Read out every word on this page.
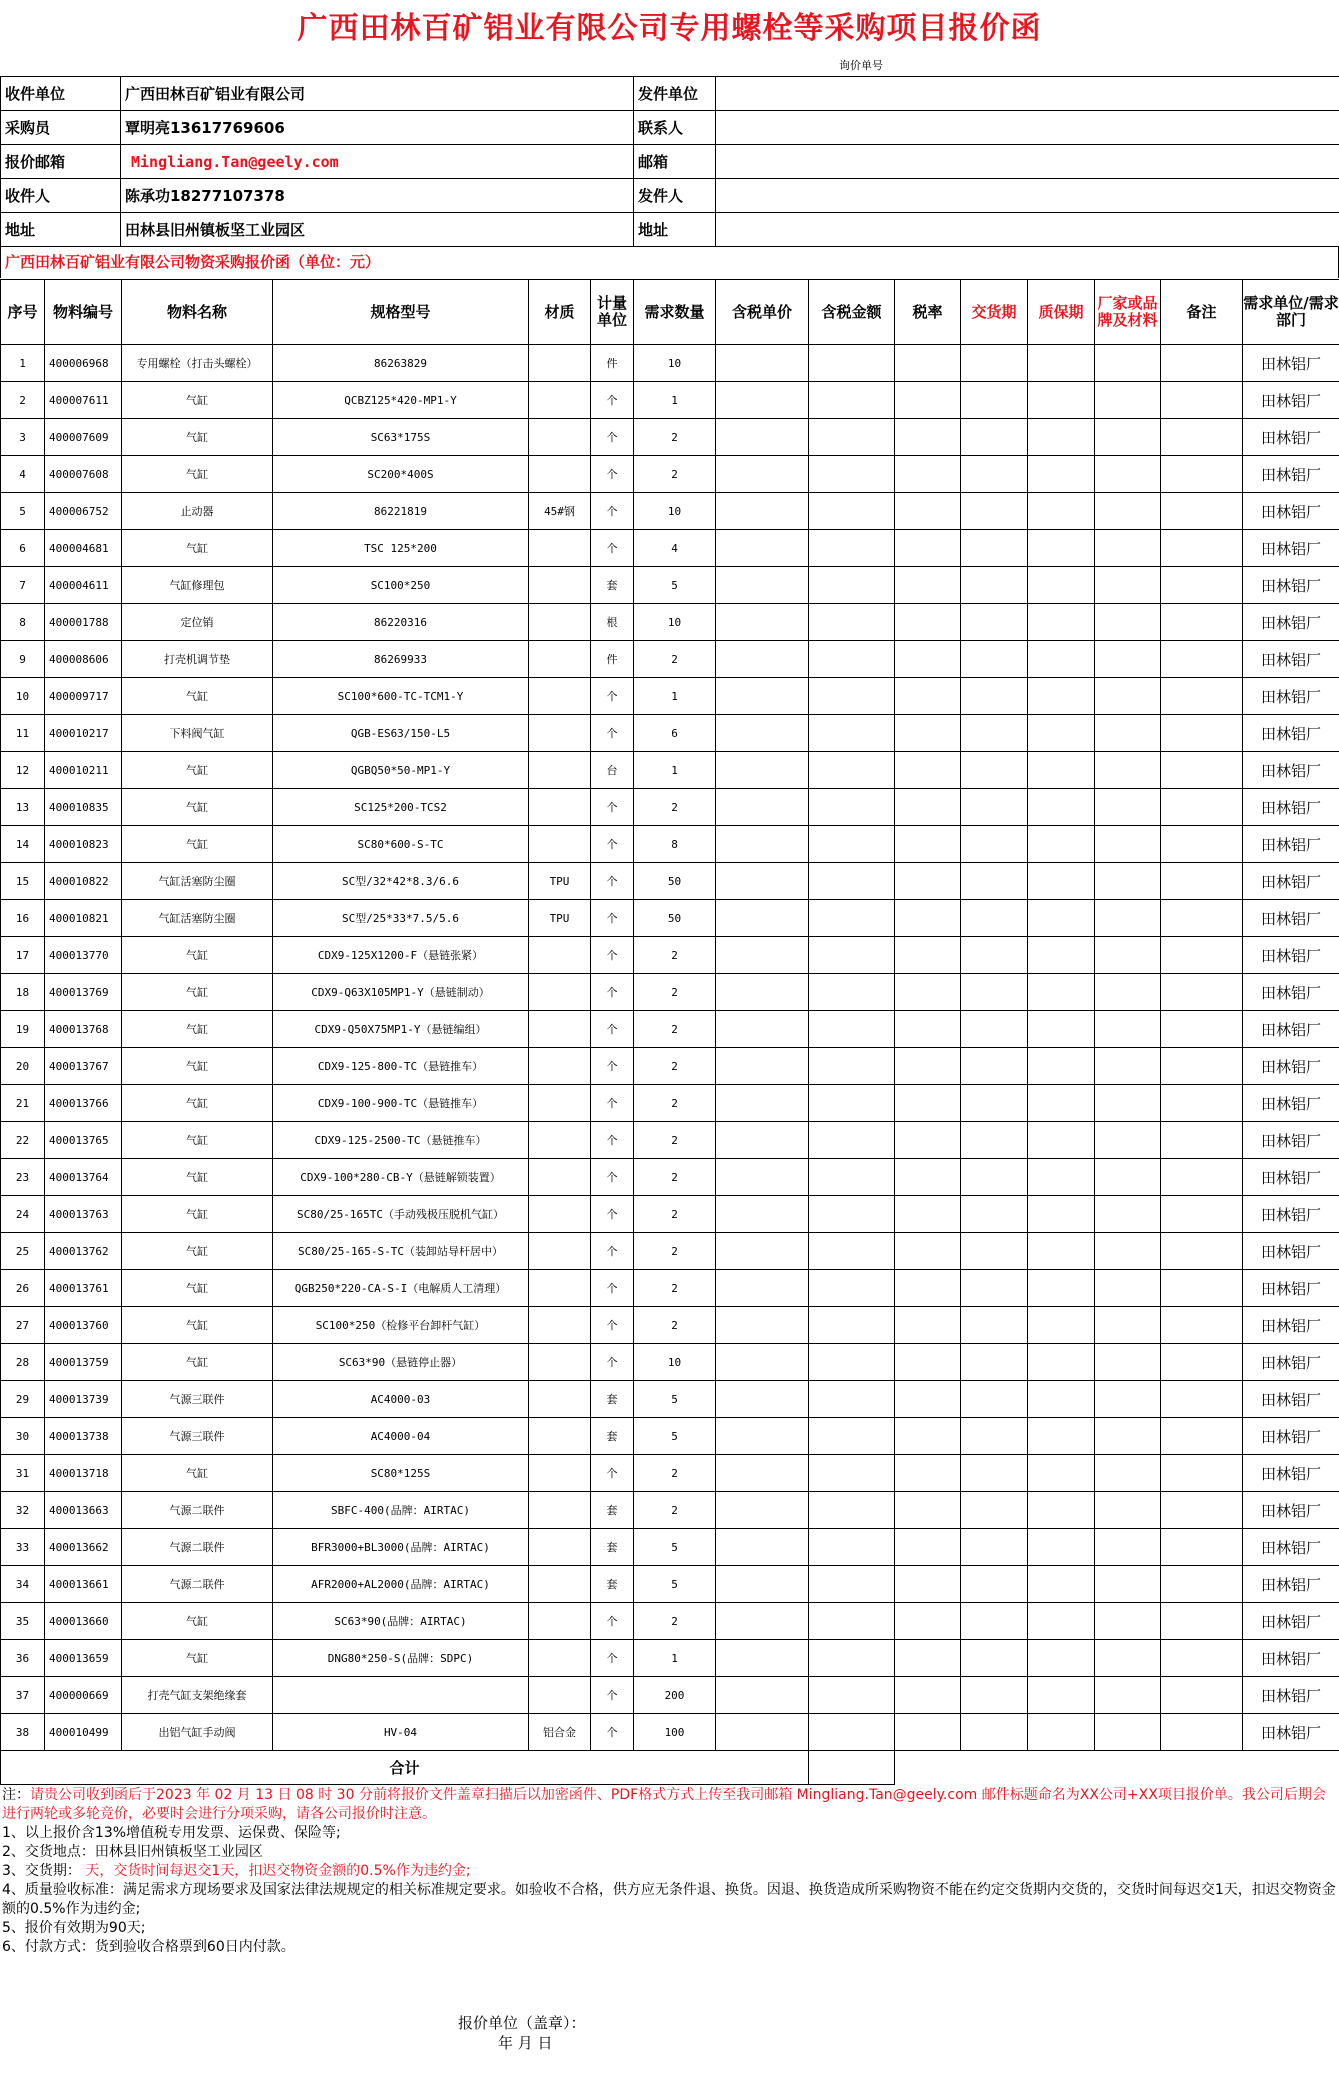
广西田林百矿铝业有限公司专用螺栓等采购项目报价函
询价单号
收件单位	广西田林百矿铝业有限公司	发件单位	
采购员	覃明亮13617769606	联系人	
报价邮箱	Mingliang.Tan@geely.com	邮箱	
收件人	陈承功18277107378	发件人	
地址	田林县旧州镇板坚工业园区	地址	
广西田林百矿铝业有限公司物资采购报价函（单位：元）
序号	物料编号	物料名称	规格型号	材质	计量单位	需求数量	含税单价	含税金额	税率	交货期	质保期	厂家或品牌及材料	备注	需求单位/需求部门
1	400006968	专用螺栓（打击头螺栓）	86263829		件	10								田林铝厂
2	400007611	气缸	QCBZ125*420-MP1-Y		个	1								田林铝厂
3	400007609	气缸	SC63*175S		个	2								田林铝厂
4	400007608	气缸	SC200*400S		个	2								田林铝厂
5	400006752	止动器	86221819	45#钢	个	10								田林铝厂
6	400004681	气缸	TSC 125*200		个	4								田林铝厂
7	400004611	气缸修理包	SC100*250		套	5								田林铝厂
8	400001788	定位销	86220316		根	10								田林铝厂
9	400008606	打壳机调节垫	86269933		件	2								田林铝厂
10	400009717	气缸	SC100*600-TC-TCM1-Y		个	1								田林铝厂
11	400010217	下料阀气缸	QGB-ES63/150-L5		个	6								田林铝厂
12	400010211	气缸	QGBQ50*50-MP1-Y		台	1								田林铝厂
13	400010835	气缸	SC125*200-TCS2		个	2								田林铝厂
14	400010823	气缸	SC80*600-S-TC		个	8								田林铝厂
15	400010822	气缸活塞防尘圈	SC型/32*42*8.3/6.6	TPU	个	50								田林铝厂
16	400010821	气缸活塞防尘圈	SC型/25*33*7.5/5.6	TPU	个	50								田林铝厂
17	400013770	气缸	CDX9-125X1200-F（悬链张紧）		个	2								田林铝厂
18	400013769	气缸	CDX9-Q63X105MP1-Y（悬链制动）		个	2								田林铝厂
19	400013768	气缸	CDX9-Q50X75MP1-Y（悬链编组）		个	2								田林铝厂
20	400013767	气缸	CDX9-125-800-TC（悬链推车）		个	2								田林铝厂
21	400013766	气缸	CDX9-100-900-TC（悬链推车）		个	2								田林铝厂
22	400013765	气缸	CDX9-125-2500-TC（悬链推车）		个	2								田林铝厂
23	400013764	气缸	CDX9-100*280-CB-Y（悬链解锁装置）		个	2								田林铝厂
24	400013763	气缸	SC80/25-165TC（手动残极压脱机气缸）		个	2								田林铝厂
25	400013762	气缸	SC80/25-165-S-TC（装卸站导杆居中）		个	2								田林铝厂
26	400013761	气缸	QGB250*220-CA-S-I（电解质人工清理）		个	2								田林铝厂
27	400013760	气缸	SC100*250（检修平台卸杆气缸）		个	2								田林铝厂
28	400013759	气缸	SC63*90（悬链停止器）		个	10								田林铝厂
29	400013739	气源三联件	AC4000-03		套	5								田林铝厂
30	400013738	气源三联件	AC4000-04		套	5								田林铝厂
31	400013718	气缸	SC80*125S		个	2								田林铝厂
32	400013663	气源二联件	SBFC-400(品牌：AIRTAC)		套	2								田林铝厂
33	400013662	气源二联件	BFR3000+BL3000(品牌：AIRTAC)		套	5								田林铝厂
34	400013661	气源二联件	AFR2000+AL2000(品牌：AIRTAC)		套	5								田林铝厂
35	400013660	气缸	SC63*90(品牌：AIRTAC)		个	2								田林铝厂
36	400013659	气缸	DNG80*250-S(品牌：SDPC)		个	1								田林铝厂
37	400000669	打壳气缸支架绝缘套			个	200								田林铝厂
38	400010499	出铝气缸手动阀	HV-04	铝合金	个	100								田林铝厂
合计														

注：请贵公司收到函后于2023 年 02 月 13 日 08 时 30 分前将报价文件盖章扫描后以加密函件、PDF格式方式上传至我司邮箱 Mingliang.Tan@geely.com 邮件标题命名为XX公司+XX项目报价单。我公司后期会进行两轮或多轮竞价，必要时会进行分项采购，请各公司报价时注意。

1、以上报价含13%增值税专用发票、运保费、保险等;

2、交货地点：田林县旧州镇板坚工业园区

3、交货期： 天，交货时间每迟交1天，扣迟交物资金额的0.5%作为违约金;

4、质量验收标准：满足需求方现场要求及国家法律法规规定的相关标准规定要求。如验收不合格，供方应无条件退、换货。因退、换货造成所采购物资不能在约定交货期内交货的，交货时间每迟交1天，扣迟交物资金额的0.5%作为违约金;

5、报价有效期为90天;

6、付款方式：货到验收合格票到60日内付款。

报价单位（盖章）：
年 月 日
